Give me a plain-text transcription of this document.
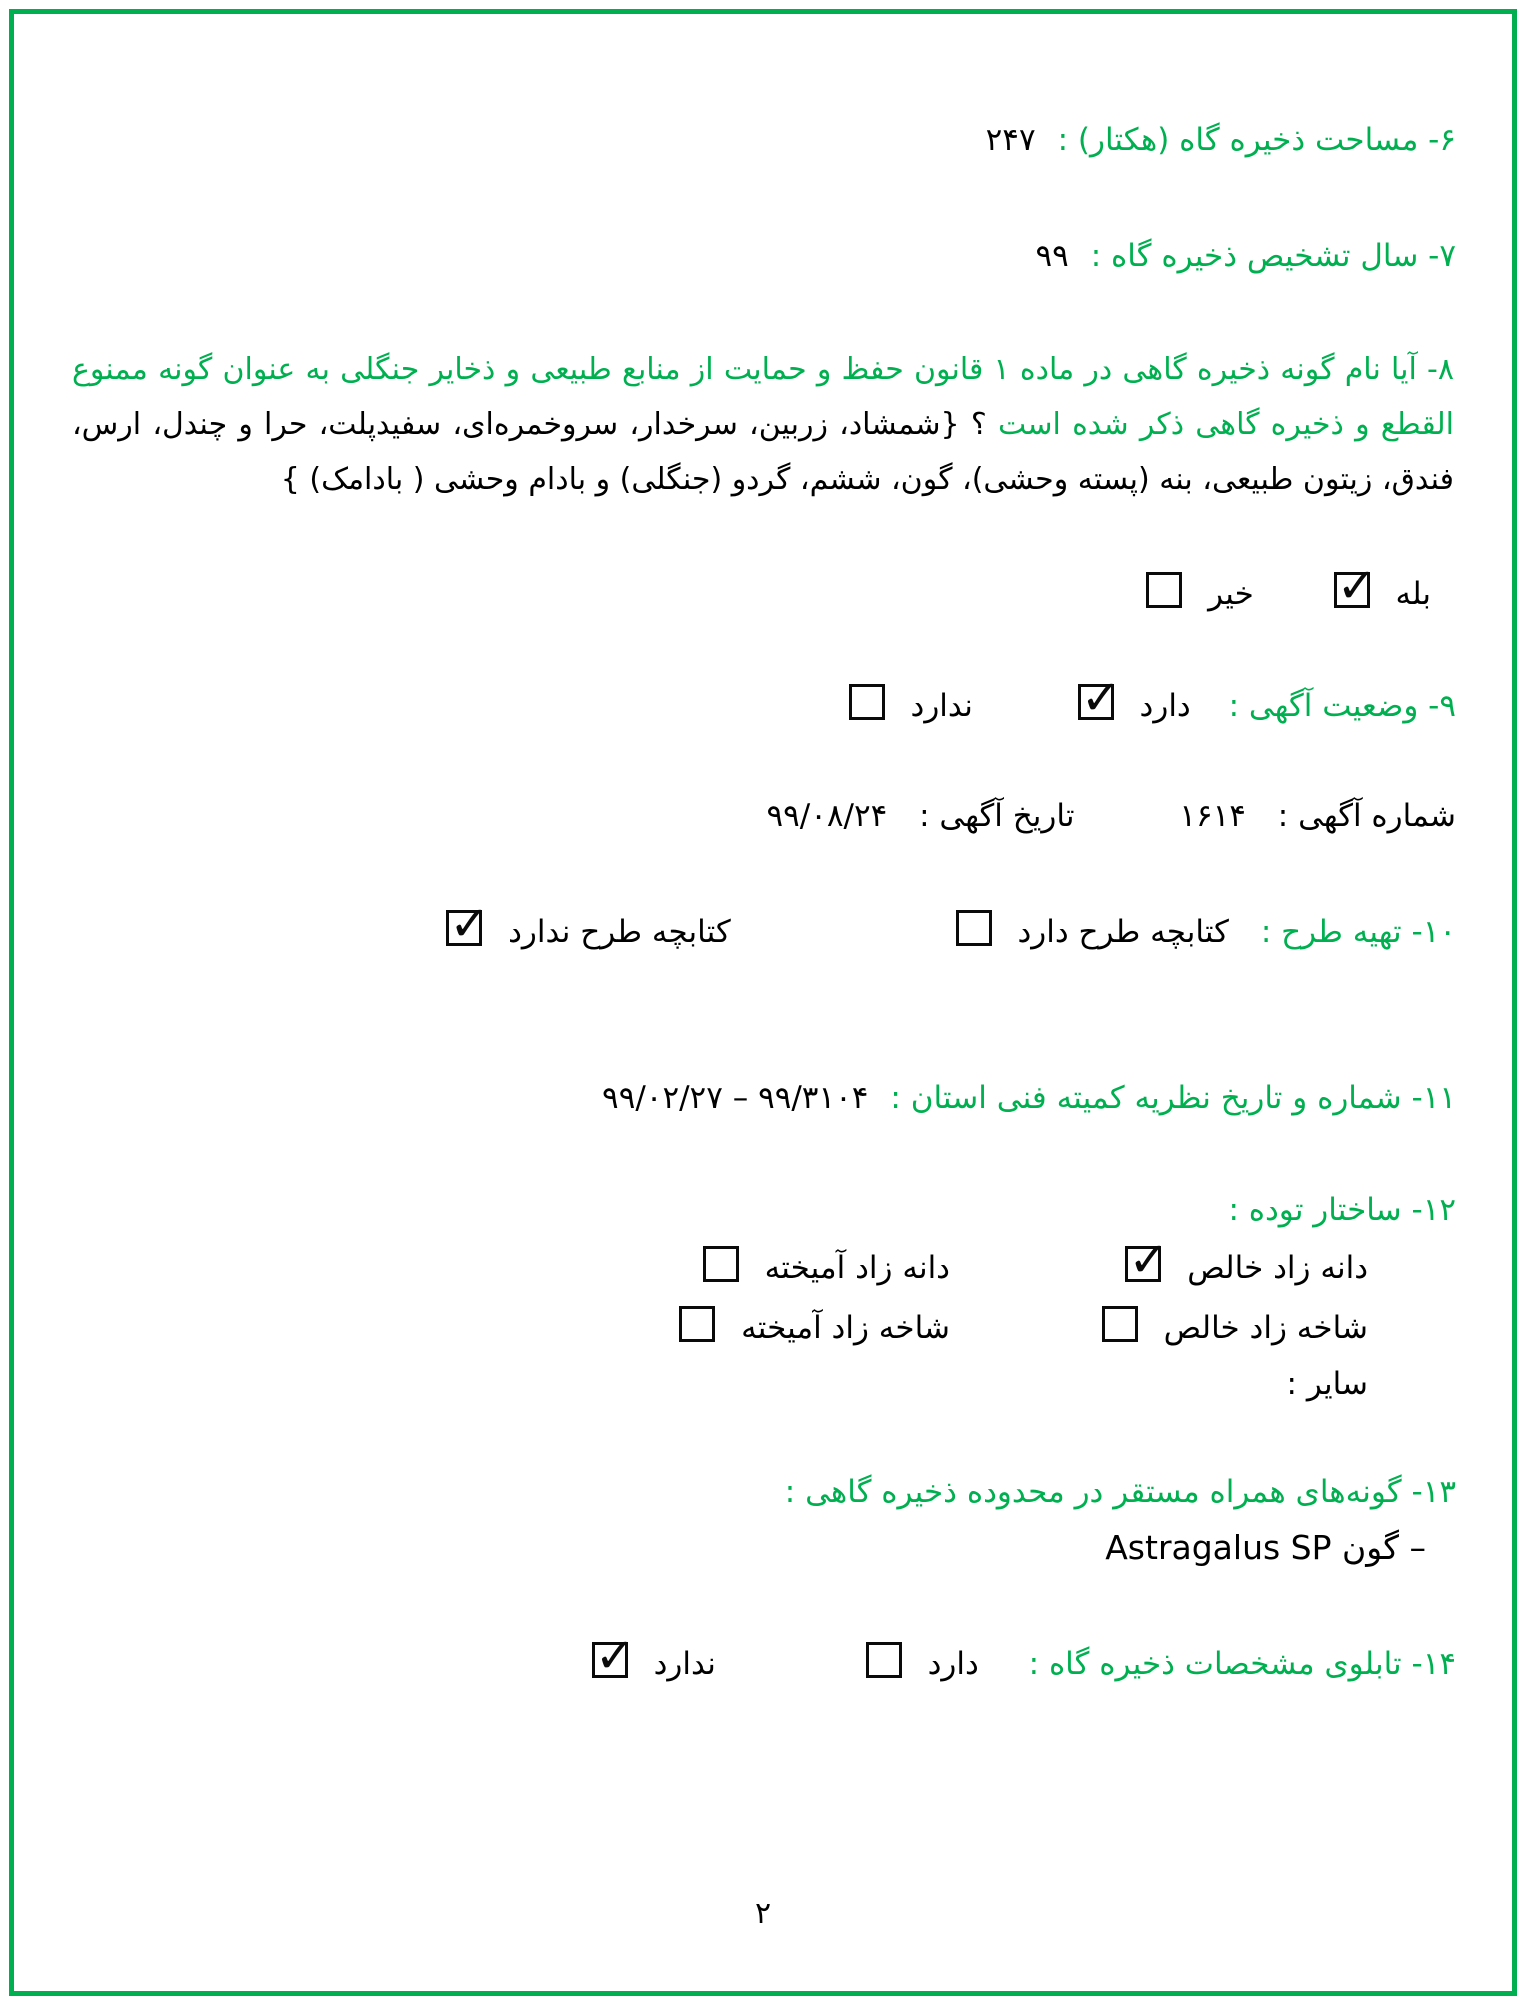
۶- مساحت ذخیره گاه (هکتار) :۲۴۷
۷- سال تشخیص ذخیره گاه :۹۹
۸- آیا نام گونه ذخیره گاهی در ماده ۱ قانون حفظ و حمایت از منابع طبیعی و ذخایر جنگلی به عنوان گونه ممنوع القطع و ذخیره گاهی ذکر شده است ؟ {شمشاد، زربین، سرخدار، سروخمره‌ای، سفیدپلت، حرا و چندل، ارس، فندق، زیتون طبیعی، بنه (پسته وحشی)، گون، ششم، گردو (جنگلی) و بادام وحشی ( بادامک) }
بله ✓ خیر
۹- وضعیت آگهی : دارد ✓ ندارد
شماره آگهی : ۱۶۱۴ تاریخ آگهی : ۹۹/۰۸/۲۴
۱۰- تهیه طرح : کتابچه طرح دارد  کتابچه طرح ندارد ✓
۱۱- شماره و تاریخ نظریه کمیته فنی استان :۹۹/۳۱۰۴ – ۹۹/۰۲/۲۷
۱۲- ساختار توده :
دانه زاد خالص ✓
دانه زاد آمیخته
شاخه زاد خالص
شاخه زاد آمیخته
سایر :
۱۳- گونه‌های همراه مستقر در محدوده ذخیره گاهی :
– گون Astragalus SP
۱۴- تابلوی مشخصات ذخیره گاه : دارد  ندارد ✓
۲
